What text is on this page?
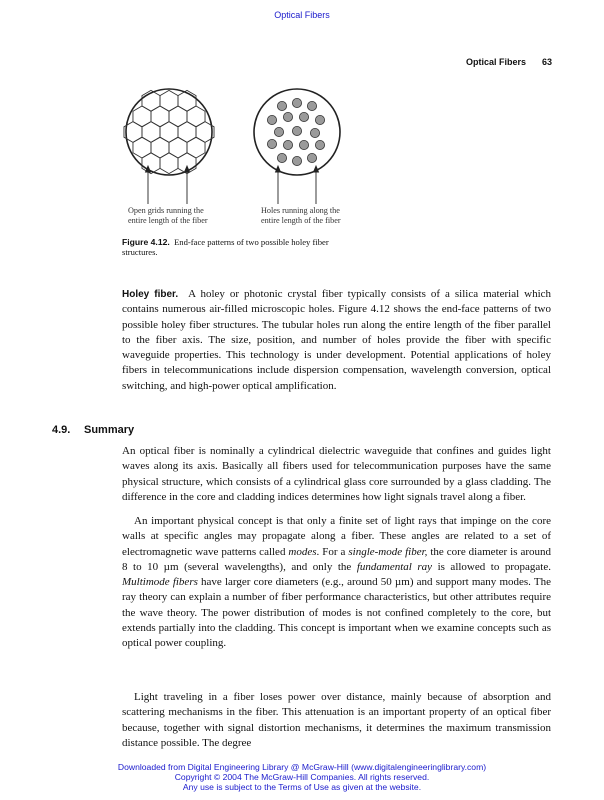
Optical Fibers
Optical Fibers 63
Open grids running the
entire length of the fiber
Holes running along the
entire length of the fiber
Figure 4.12. End-face patterns of two possible holey fiber structures.
Holey fiber. A holey or photonic crystal fiber typically consists of a silica material which contains numerous air-filled microscopic holes. Figure 4.12 shows the end-face patterns of two possible holey fiber structures. The tubular holes run along the entire length of the fiber parallel to the fiber axis. The size, position, and number of holes provide the fiber with specific waveguide properties. This technology is under development. Potential applications of holey fibers in telecommunications include dispersion compensation, wavelength conversion, optical switching, and high-power optical amplification.
4.9. Summary
An optical fiber is nominally a cylindrical dielectric waveguide that confines and guides light waves along its axis. Basically all fibers used for telecommunication purposes have the same physical structure, which consists of a cylindrical glass core surrounded by a glass cladding. The difference in the core and cladding indices determines how light signals travel along a fiber.
An important physical concept is that only a finite set of light rays that impinge on the core walls at specific angles may propagate along a fiber. These angles are related to a set of electromagnetic wave patterns called modes. For a single-mode fiber, the core diameter is around 8 to 10 µm (several wavelengths), and only the fundamental ray is allowed to propagate. Multimode fibers have larger core diameters (e.g., around 50 µm) and support many modes. The ray theory can explain a number of fiber performance characteristics, but other attributes require the wave theory. The power distribution of modes is not confined completely to the core, but extends partially into the cladding. This concept is important when we examine concepts such as optical power coupling.
Light traveling in a fiber loses power over distance, mainly because of absorption and scattering mechanisms in the fiber. This attenuation is an important property of an optical fiber because, together with signal distortion mechanisms, it determines the maximum transmission distance possible. The degree
Downloaded from Digital Engineering Library @ McGraw-Hill (www.digitalengineeringlibrary.com)
Copyright © 2004 The McGraw-Hill Companies. All rights reserved.
Any use is subject to the Terms of Use as given at the website.
